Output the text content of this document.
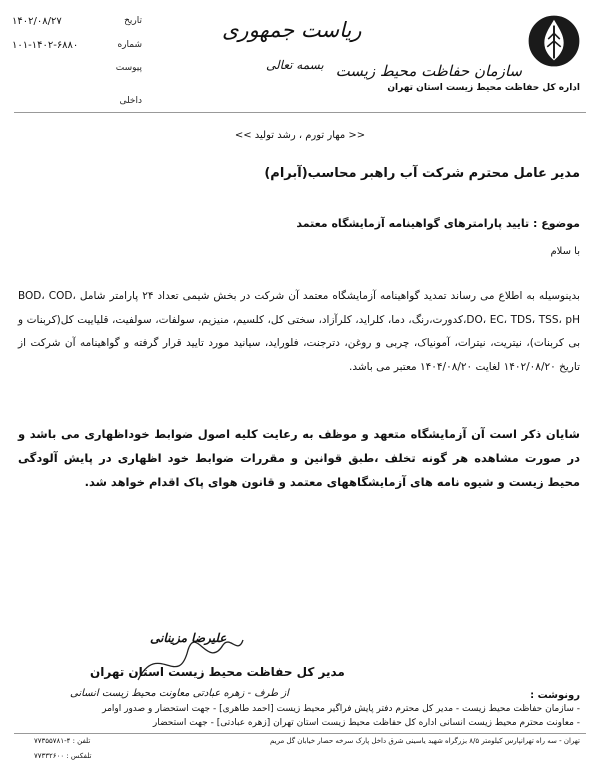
سازمان حفاظت محیط زیست
اداره کل حفاظت محیط زیست استان تهران
ریاست جمهوری
بسمه تعالی
تاریخ
۱۴۰۲/۰۸/۲۷
شماره
۱۰۱-۱۴۰۲-۶۸۸۰
پیوست
داخلی
<< مهار تورم ، رشد تولید >>
مدیر عامل محترم شرکت آب راهبر محاسب(آبرام)
موضوع : تایید پارامترهای گواهینامه آزمایشگاه معتمد
با سلام
بدینوسیله به اطلاع می رساند تمدید گواهینامه آزمایشگاه معتمد آن شرکت در بخش شیمی تعداد ۲۴ پارامتر شامل BOD، COD، DO، EC، TDS، TSS، pH،کدورت،رنگ، دما، کلراید، کلرآزاد، سختی کل، کلسیم، منیزیم، سولفات، سولفیت، قلیاییت کل(کربنات و بی کربنات)، نیتریت، نیترات، آمونیاک، چربی و روغن، دترجنت، فلوراید، سیانید مورد تایید قرار گرفته و گواهینامه آن شرکت از تاریخ ۱۴۰۲/۰۸/۲۰ لغایت ۱۴۰۴/۰۸/۲۰ معتبر می باشد.
شایان ذکر است آن آزمایشگاه متعهد و موظف به رعایت کلیه اصول ضوابط خوداظهاری می باشد و در صورت مشاهده هر گونه تخلف ،طبق قوانین و مقررات ضوابط خود اظهاری در پایش آلودگی محیط زیست و شیوه نامه های آزمایشگاههای معتمد و قانون هوای پاک اقدام خواهد شد.
علیرضا مزینانی
مدیر کل حفاظت محیط زیست استان تهران
از طرف - زهره عبادتی معاونت محیط زیست انسانی	رونوشت :
- سازمان حفاظت محیط زیست - مدیر کل محترم دفتر پایش فراگیر محیط زیست [احمد طاهری] - جهت استحضار و صدور اوامر
- معاونت محترم محیط زیست انسانی اداره کل حفاظت محیط زیست استان تهران [زهره عبادتی] - جهت استحضار
تهران - سه راه تهرانپارس کیلومتر ۸/۵ بزرگراه شهید یاسینی شرق داخل پارک سرخه حصار خیابان گل مریم
تلفن : ۴-۷۷۳۵۵۷۸۱
تلفکس : ۷۷۳۳۲۶۰۰
